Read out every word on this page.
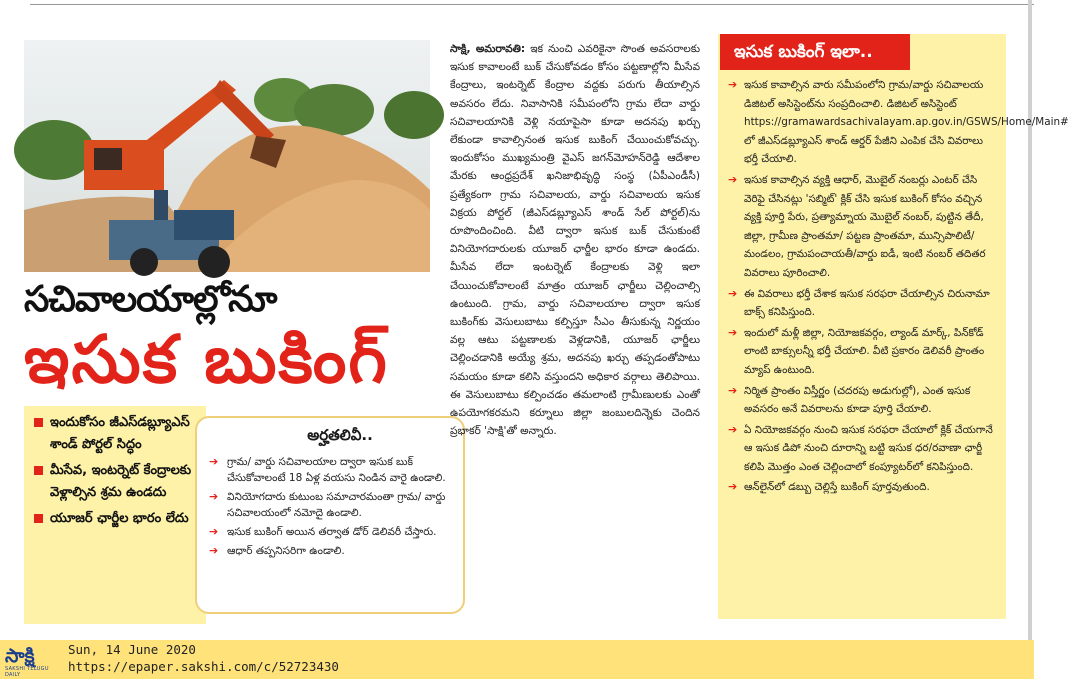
సచివాలయాల్లోనూ
ఇసుక బుకింగ్
ఇందుకోసం జీఎస్‌డబ్ల్యూఎస్ శాండ్ పోర్టల్ సిద్ధం
మీసేవ, ఇంటర్నెట్ కేంద్రాలకు వెళ్లాల్సిన శ్రమ ఉండదు
యూజర్ ఛార్జీల భారం లేదు
అర్హతలివీ..
➔ గ్రామ/ వార్డు సచివాలయాల ద్వారా ఇసుక బుక్ చేసుకోవాలంటే 18 ఏళ్ల వయసు నిండిన వారై ఉండాలి.
➔ వినియోగదారు కుటుంబ సమాచారమంతా గ్రామ/ వార్డు సచివాలయంలో నమోదై ఉండాలి.
➔ ఇసుక బుకింగ్ అయిన తర్వాత డోర్ డెలివరీ చేస్తారు.
➔ ఆధార్ తప్పనిసరిగా ఉండాలి.
సాక్షి, అమరావతి: ఇక నుంచి ఎవరికైనా సొంత అవసరాలకు ఇసుక కావాలంటే బుక్ చేసుకోవడం కోసం పట్టణాల్లోని మీసేవ కేంద్రాలు, ఇంటర్నెట్ కేంద్రాల వద్దకు పరుగు తీయాల్సిన అవసరం లేదు. నివాసానికి సమీపంలోని గ్రామ లేదా వార్డు సచివాలయానికి వెళ్లి నయాపైసా కూడా అదనపు ఖర్చు లేకుండా కావాల్సినంత ఇసుక బుకింగ్ చేయించుకోవచ్చు. ఇందుకోసం ముఖ్యమంత్రి వైఎస్ జగన్‌మోహన్‌రెడ్డి ఆదేశాల మేరకు ఆంధ్రప్రదేశ్ ఖనిజాభివృద్ధి సంస్థ (ఏపీఎండీసీ) ప్రత్యేకంగా గ్రామ సచివాలయ, వార్డు సచివాలయ ఇసుక విక్రయ పోర్టల్ (జీఎస్‌డబ్ల్యూఎస్ శాండ్ సేల్ పోర్టల్)ను రూపొందించింది. వీటి ద్వారా ఇసుక బుక్ చేసుకుంటే వినియోగదారులకు యూజర్ ఛార్జీల భారం కూడా ఉండదు. మీసేవ లేదా ఇంటర్నెట్ కేంద్రాలకు వెళ్లి ఇలా చేయించుకోవాలంటే మాత్రం యూజర్ ఛార్జీలు చెల్లించాల్సి ఉంటుంది. గ్రామ, వార్డు సచివాలయాల ద్వారా ఇసుక బుకింగ్‌కు వెసులుబాటు కల్పిస్తూ సీఎం తీసుకున్న నిర్ణయం వల్ల ఆటు పట్టణాలకు వెళ్లడానికి, యూజర్ ఛార్జీలు చెల్లించడానికి అయ్యే శ్రమ, అదనపు ఖర్చు తప్పడంతోపాటు సమయం కూడా కలిసి వస్తుందని అధికార వర్గాలు తెలిపాయి. ఈ వెసులుబాటు కల్పించడం తమలాంటి గ్రామీణులకు ఎంతో ఉపయోగకరమని కర్నూలు జిల్లా జంబులదిన్నెకు చెందిన ప్రభాకర్ 'సాక్షి'తో అన్నారు.
ఇసుక బుకింగ్ ఇలా..
➔ ఇసుక కావాల్సిన వారు సమీపంలోని గ్రామ/వార్డు సచివాలయ డిజిటల్ అసిస్టెంట్‌ను సంప్రదించాలి. డిజిటల్ అసిస్టెంట్ https://gramawardsachivalayam.ap.gov.in/GSWS/Home/Main# లో జీఎస్‌డబ్ల్యూఎస్ శాండ్ ఆర్డర్ పేజీని ఎంపిక చేసి వివరాలు భర్తీ చేయాలి.
➔ ఇసుక కావాల్సిన వ్యక్తి ఆధార్, మొబైల్ నంబర్లు ఎంటర్ చేసి వెరిఫై చేసినట్లు 'సబ్మిట్' క్లిక్ చేసి ఇసుక బుకింగ్ కోసం వచ్చిన వ్యక్తి పూర్తి పేరు, ప్రత్యామ్నాయ మొబైల్ నంబర్, పుట్టిన తేదీ, జిల్లా, గ్రామీణ ప్రాంతమా/ పట్టణ ప్రాంతమా, మున్సిపాలిటీ/మండలం, గ్రామపంచాయతీ/వార్డు ఐడీ, ఇంటి నంబర్ తదితర వివరాలు పూరించాలి.
➔ ఈ వివరాలు భర్తీ చేశాక ఇసుక సరఫరా చేయాల్సిన చిరునామా బాక్స్ కనిపిస్తుంది.
➔ ఇందులో మళ్లీ జిల్లా, నియోజకవర్గం, ల్యాండ్ మార్క్, పిన్‌కోడ్ లాంటి బాక్సులన్నీ భర్తీ చేయాలి. వీటి ప్రకారం డెలివరీ ప్రాంతం మ్యాప్ ఉంటుంది.
➔ నిర్మిత ప్రాంతం విస్తీర్ణం (చదరపు అడుగుల్లో), ఎంత ఇసుక అవసరం అనే వివరాలను కూడా పూర్తి చేయాలి.
➔ ఏ నియోజకవర్గం నుంచి ఇసుక సరఫరా చేయాలో క్లిక్ చేయగానే ఆ ఇసుక డిపో నుంచి దూరాన్ని బట్టి ఇసుక ధర/రవాణా ఛార్జీ కలిపి మొత్తం ఎంత చెల్లించాలో కంప్యూటర్‌లో కనిపిస్తుంది.
➔ ఆన్‌లైన్‌లో డబ్బు చెల్లిస్తే బుకింగ్ పూర్తవుతుంది.
సాక్షి
SAKSHI TELUGU DAILY
Sun, 14 June 2020
https://epaper.sakshi.com/c/52723430
